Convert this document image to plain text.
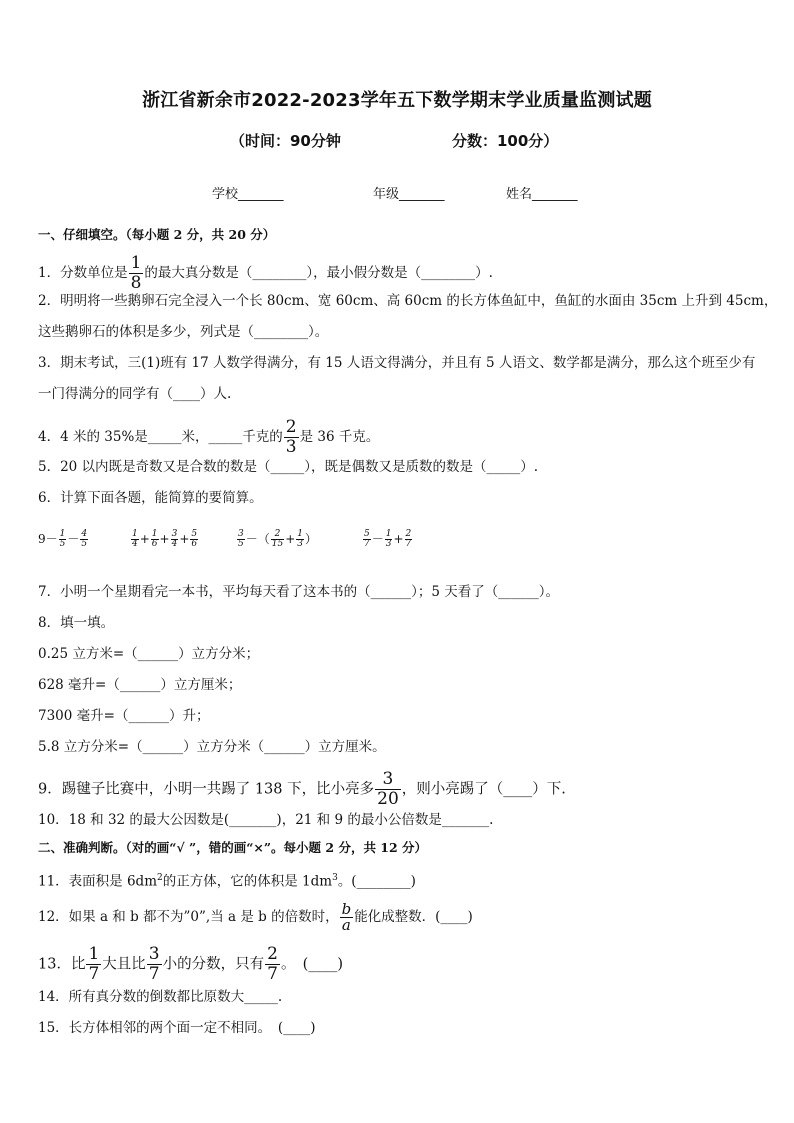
浙江省新余市2022-2023学年五下数学期末学业质量监测试题
（时间：90分钟	分数：100分）
学校_______	年级_______	姓名_______
一、仔细填空。（每小题 2 分，共 20 分）
1．分数单位是 $\frac{1}{8}$ 的最大真分数是（________），最小假分数是（________）.
2．明明将一些鹅卵石完全浸入一个长 80cm、宽 60cm、高 60cm 的长方体鱼缸中，鱼缸的水面由 35cm 上升到 45cm，
这些鹅卵石的体积是多少，列式是（________）。
3．期末考试，三(1)班有 17 人数学得满分，有 15 人语文得满分，并且有 5 人语文、数学都是满分，那么这个班至少有
一门得满分的同学有（____）人.
4．4 米的 35%是_____米，_____千克的 $\frac{2}{3}$ 是 36 千克。
5．20 以内既是奇数又是合数的数是（_____），既是偶数又是质数的数是（_____）.
6．计算下面各题，能简算的要简算。
$9- \frac{1}{5} - \frac{4}{5}$	$\frac{1}{4} + \frac{1}{6} + \frac{3}{4} + \frac{5}{6}$	$\frac{3}{5}$ －（ $\frac{2}{15} + \frac{1}{3}$ ）	$\frac{5}{7} - \frac{1}{3} + \frac{2}{7}$
7．小明一个星期看完一本书，平均每天看了这本书的（______）；5 天看了（______）。
8．填一填。
0.25 立方米=（______）立方分米；
628 毫升=（______）立方厘米；
7300 毫升=（______）升；
5.8 立方分米=（______）立方分米（______）立方厘米。
9．踢毽子比赛中，小明一共踢了 138 下，比小亮多 $\frac{3}{20}$ ，则小亮踢了（____）下.
10．18 和 32 的最大公因数是(_______)，21 和 9 的最小公倍数是_______.
二、准确判断。（对的画“√ ”，错的画“×”。每小题 2 分，共 12 分）
11．表面积是 $6dm^2$的正方体，它的体积是 $1dm^3$。(________)
12．如果 a 和 b 都不为”0”,当 a 是 b 的倍数时， $\frac{b}{a}$ 能化成整数．(____)
13．比 $\frac{1}{7}$ 大且比 $\frac{3}{7}$ 小的分数，只有 $\frac{2}{7}$ 。　(____)
14．所有真分数的倒数都比原数大_____.
15．长方体相邻的两个面一定不相同。　(____)
